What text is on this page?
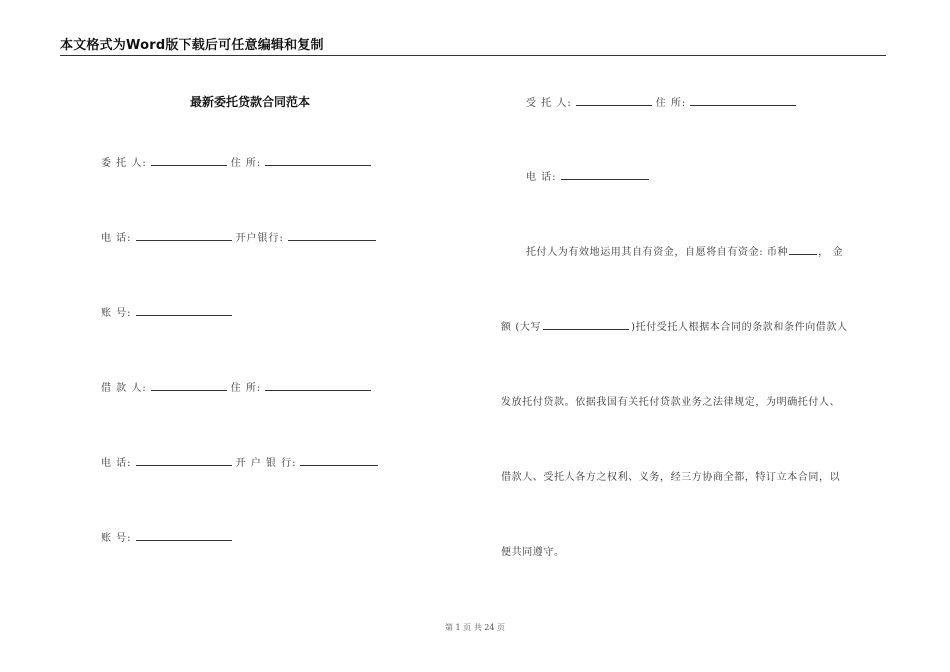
本文格式为Word版下载后可任意编辑和复制
最新委托贷款合同范本
委 托 人:	住 所:
电 话:	开户银行:
账 号:
借 款 人:	住 所:
电 话:	开 户 银 行:
账 号:
受 托 人:	住 所:
电 话:
托付人为有效地运用其自有资金，自愿将自有资金: 币种	， 金
额 (大写	)托付受托人根据本合同的条款和条件向借款人
发放托付贷款。依据我国有关托付贷款业务之法律规定，为明确托付人、
借款人、受托人各方之权利、义务，经三方协商全都，特订立本合同，以
便共同遵守。
第 1 页 共 24 页
